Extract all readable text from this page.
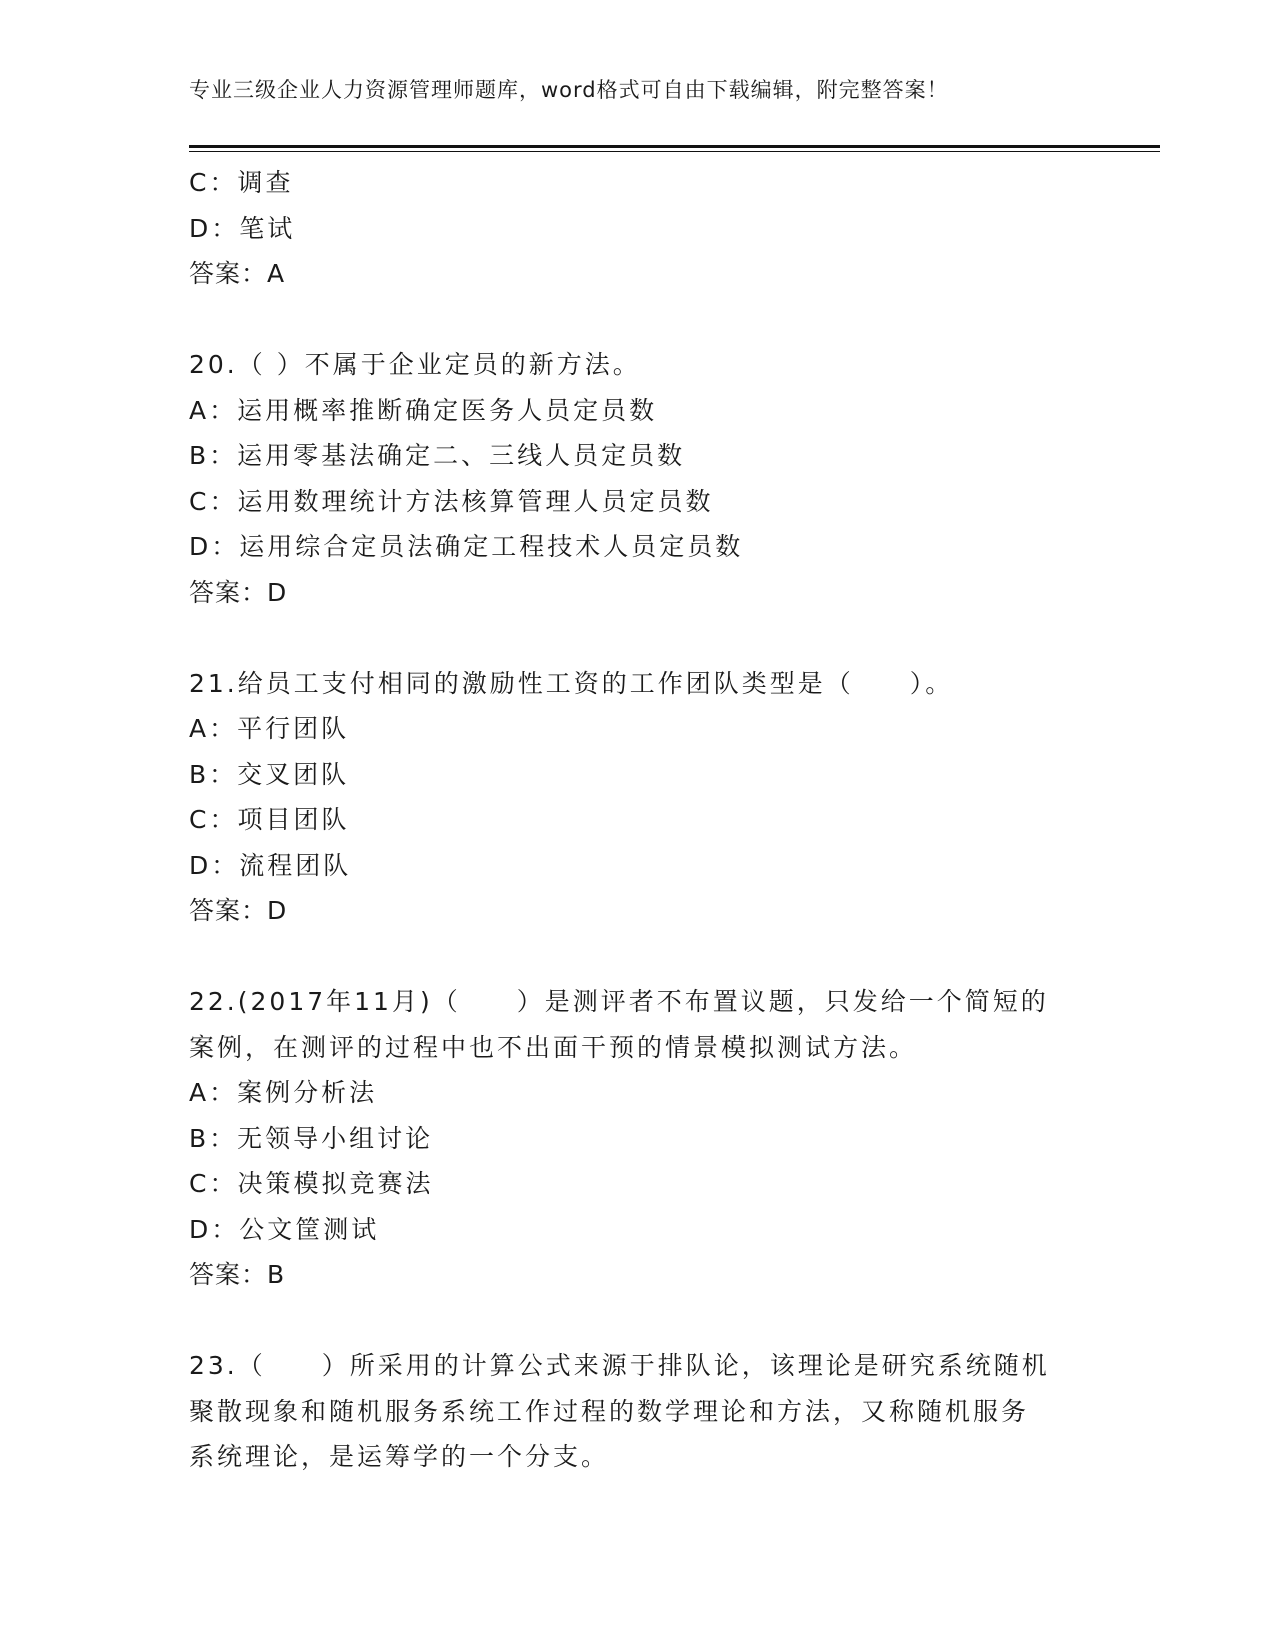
专业三级企业人力资源管理师题库，word格式可自由下载编辑，附完整答案！
C：调查
D：笔试
答案：A
20.（ ）不属于企业定员的新方法。
A：运用概率推断确定医务人员定员数
B：运用零基法确定二、三线人员定员数
C：运用数理统计方法核算管理人员定员数
D：运用综合定员法确定工程技术人员定员数
答案：D
21.给员工支付相同的激励性工资的工作团队类型是（　　）。
A：平行团队
B：交叉团队
C：项目团队
D：流程团队
答案：D
22.(2017年11月)（　　）是测评者不布置议题，只发给一个简短的
案例，在测评的过程中也不出面干预的情景模拟测试方法。
A：案例分析法
B：无领导小组讨论
C：决策模拟竞赛法
D：公文筐测试
答案：B
23.（　　）所采用的计算公式来源于排队论，该理论是研究系统随机
聚散现象和随机服务系统工作过程的数学理论和方法，又称随机服务
系统理论，是运筹学的一个分支。
